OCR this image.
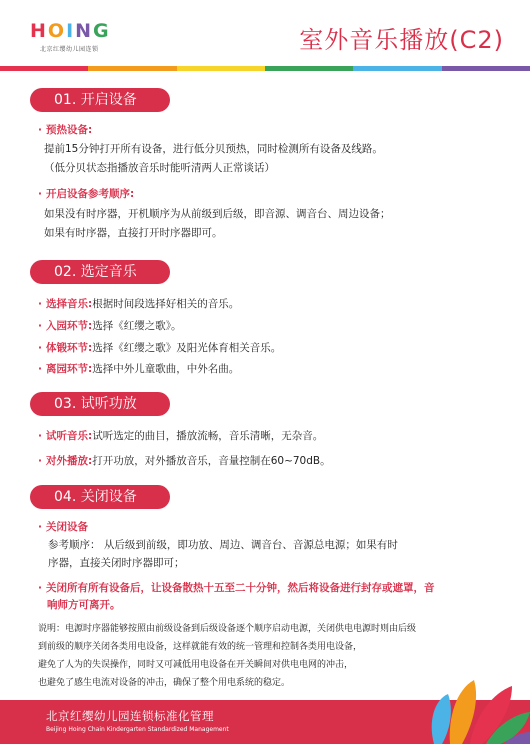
H O I N G
北京红缨幼儿园连锁	室外音乐播放(C2)
01. 开启设备
· 预热设备:
提前15分钟打开所有设备，进行低分贝预热，同时检测所有设备及线路。
（低分贝状态指播放音乐时能听清两人正常谈话）
· 开启设备参考顺序:
如果没有时序器，开机顺序为从前级到后级，即音源、调音台、周边设备；
如果有时序器，直接打开时序器即可。
02. 选定音乐
· 选择音乐:根据时间段选择好相关的音乐。
· 入园环节:选择《红缨之歌》。
· 体锻环节:选择《红缨之歌》及阳光体育相关音乐。
· 离园环节:选择中外儿童歌曲，中外名曲。
03. 试听功放
· 试听音乐:试听选定的曲目，播放流畅，音乐清晰，无杂音。
· 对外播放:打开功放，对外播放音乐，音量控制在60~70dB。
04. 关闭设备
· 关闭设备
参考顺序： 从后级到前级，即功放、周边、调音台、音源总电源；如果有时
序器，直接关闭时序器即可；
· 关闭所有所有设备后，让设备散热十五至二十分钟，然后将设备进行封存或遮罩，音
响师方可离开。
说明：电源时序器能够按照由前级设备到后级设备逐个顺序启动电源，关闭供电电源时则由后级
到前级的顺序关闭各类用电设备，这样就能有效的统一管理和控制各类用电设备，
避免了人为的失误操作，同时又可减低用电设备在开关瞬间对供电电网的冲击，
也避免了感生电流对设备的冲击，确保了整个用电系统的稳定。
北京红缨幼儿园连锁标准化管理
Beijing Hoing Chain Kindergarten Standardized Management
